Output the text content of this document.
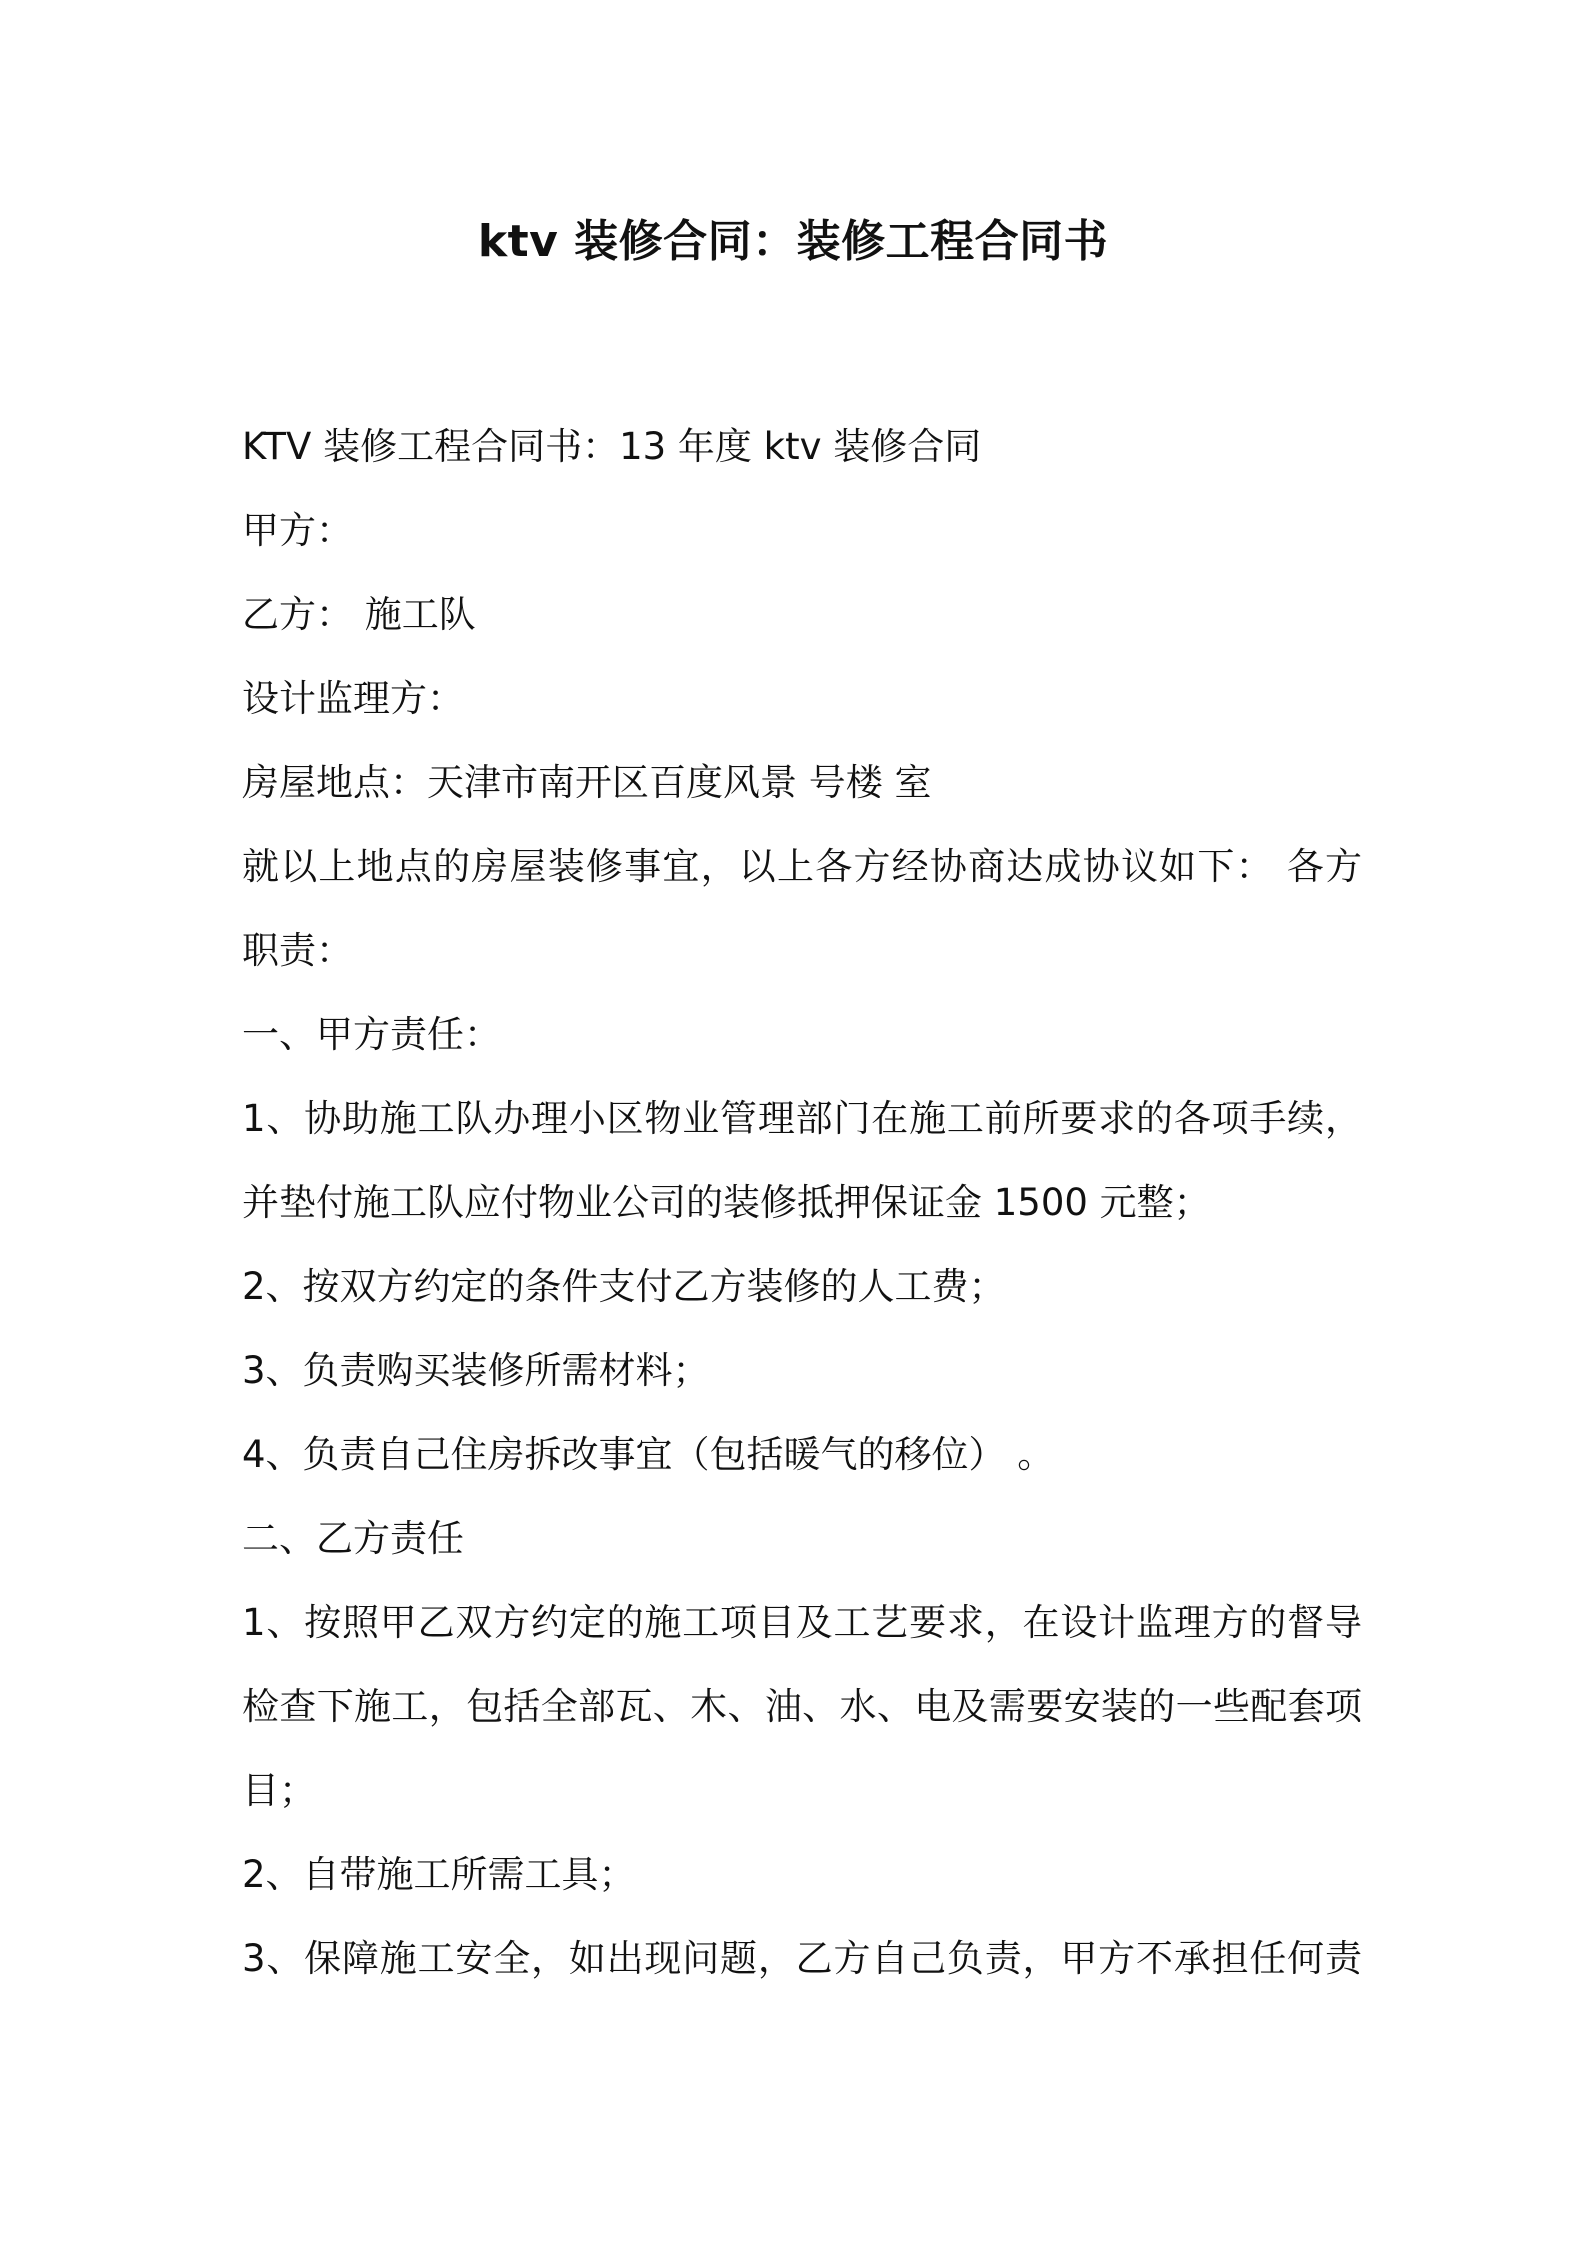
ktv 装修合同：装修工程合同书
KTV 装修工程合同书：13 年度 ktv 装修合同
甲方：
乙方： 施工队
设计监理方：
房屋地点：天津市南开区百度风景 号楼 室
就以上地点的房屋装修事宜，以上各方经协商达成协议如下： 各方
职责：
一、甲方责任：
1、协助施工队办理小区物业管理部门在施工前所要求的各项手续，
并垫付施工队应付物业公司的装修抵押保证金 1500 元整；
2、按双方约定的条件支付乙方装修的人工费；
3、负责购买装修所需材料；
4、负责自己住房拆改事宜（包括暖气的移位） 。
二、乙方责任
1、按照甲乙双方约定的施工项目及工艺要求，在设计监理方的督导
检查下施工，包括全部瓦、木、油、水、电及需要安装的一些配套项
目；
2、自带施工所需工具；
3、保障施工安全，如出现问题，乙方自己负责，甲方不承担任何责
